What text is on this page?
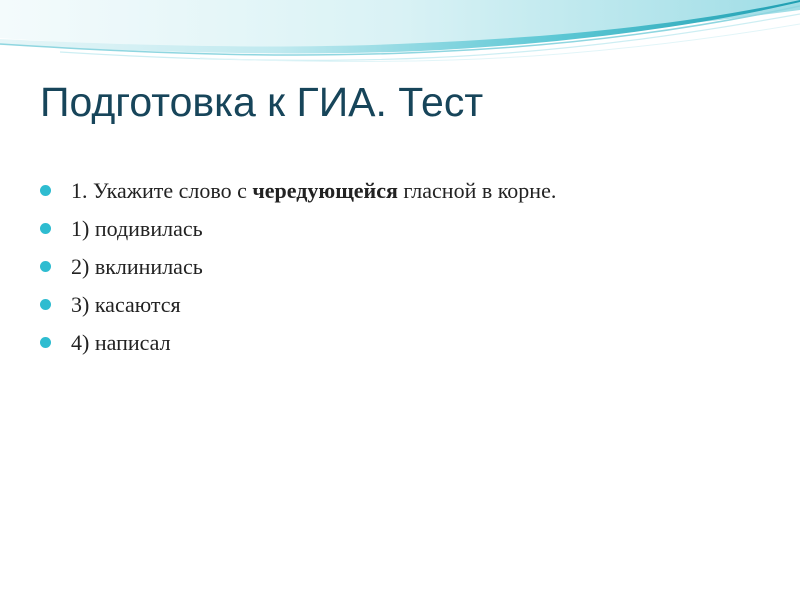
Подготовка к ГИА. Тест
1. Укажите слово с чередующейся гласной в корне.
1) подивилась
2) вклинилась
3) касаются
4) написал
